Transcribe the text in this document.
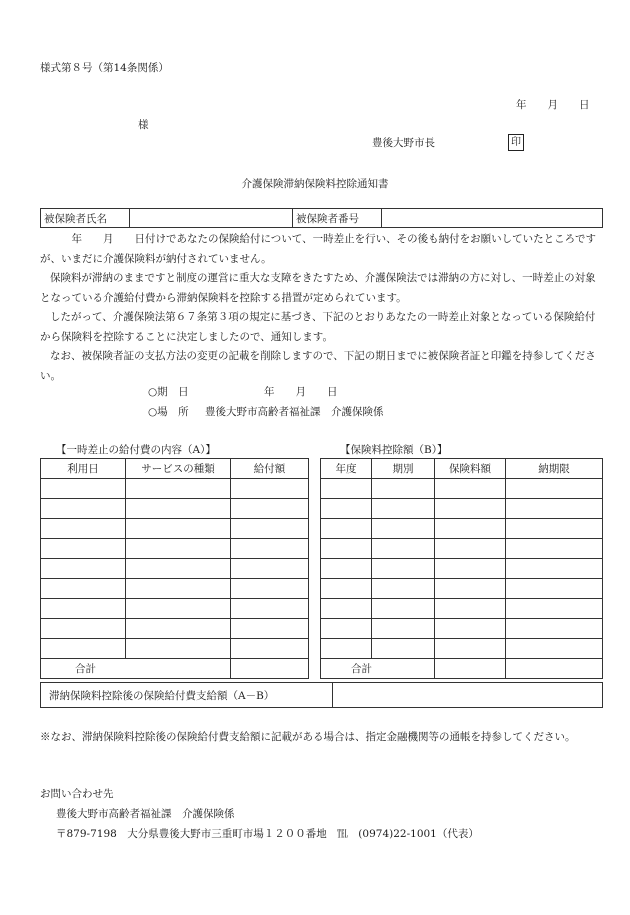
様式第８号（第14条関係）
年　　月　　日
様
豊後大野市長	印
介護保険滞納保険料控除通知書
被保険者氏名		被保険者番号	

　　　年　　月　　日付けであなたの保険給付について、一時差止を行い、その後も納付をお願いしていたところですが、いまだに介護保険料が納付されていません。

保険料が滞納のままですと制度の運営に重大な支障をきたすため、介護保険法では滞納の方に対し、一時差止の対象となっている介護給付費から滞納保険料を控除する措置が定められています。

したがって、介護保険法第６７条第３項の規定に基づき、下記のとおりあなたの一時差止対象となっている保険給付から保険料を控除することに決定しましたので、通知します。

なお、被保険者証の支払方法の変更の記載を削除しますので、下記の期日までに被保険者証と印鑑を持参してください。

○期　日	年　　月　　日
○場　所 豊後大野市高齢者福祉課　介護保険係
【一時差止の給付費の内容（A）】	【保険料控除額（B）】
利用日	サービスの種類	給付額

合計		
年度	期別	保険料額	納期限

合計			
滞納保険料控除後の保険給付費支給額（A－B）	
※なお、滞納保険料控除後の保険給付費支給額に記載がある場合は、指定金融機関等の通帳を持参してください。
お問い合わせ先
豊後大野市高齢者福祉課　介護保険係
〒879-7198　大分県豊後大野市三重町市場１２００番地　℡　(0974)22-1001（代表）
